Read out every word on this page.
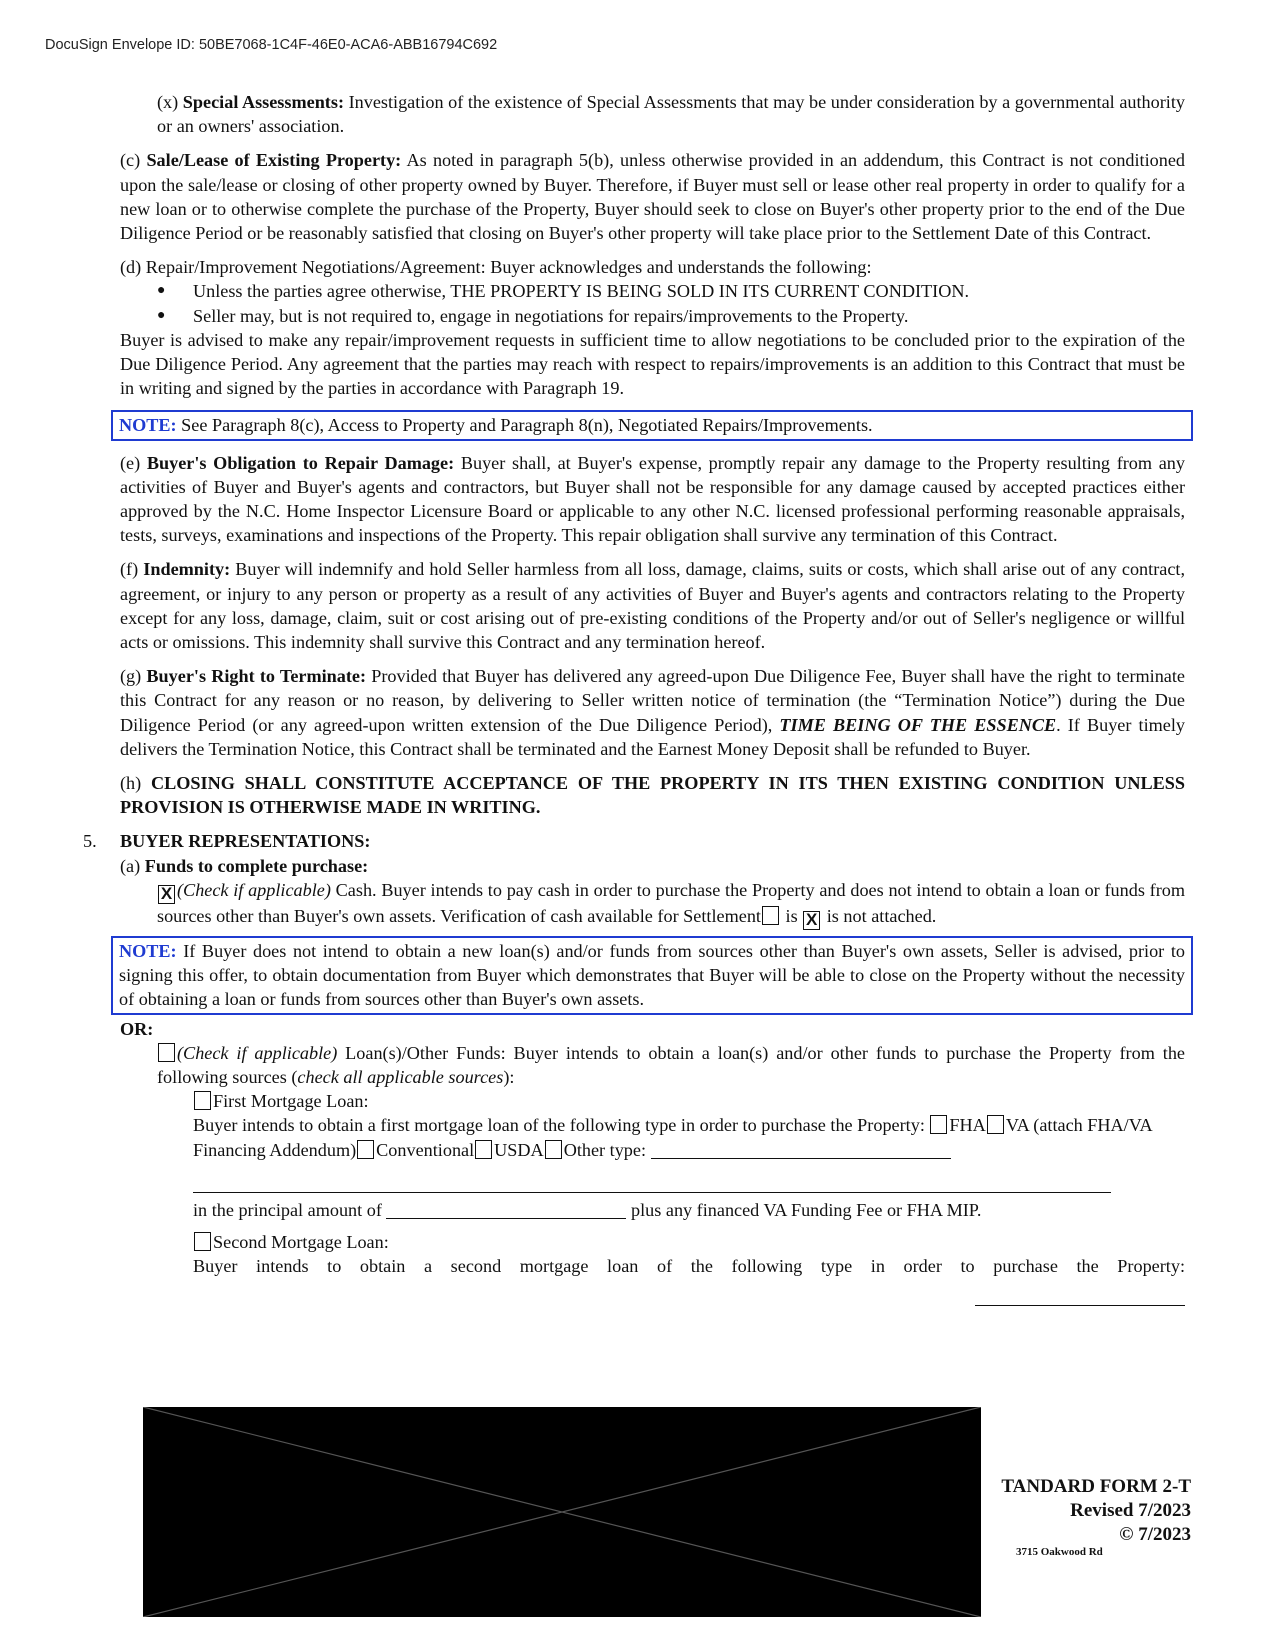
DocuSign Envelope ID: 50BE7068-1C4F-46E0-ACA6-ABB16794C692

(x) Special Assessments: Investigation of the existence of Special Assessments that may be under consideration by a governmental authority or an owners' association.

(c) Sale/Lease of Existing Property: As noted in paragraph 5(b), unless otherwise provided in an addendum, this Contract is not conditioned upon the sale/lease or closing of other property owned by Buyer. Therefore, if Buyer must sell or lease other real property in order to qualify for a new loan or to otherwise complete the purchase of the Property, Buyer should seek to close on Buyer's other property prior to the end of the Due Diligence Period or be reasonably satisfied that closing on Buyer's other property will take place prior to the Settlement Date of this Contract.

(d) Repair/Improvement Negotiations/Agreement: Buyer acknowledges and understands the following:

● Unless the parties agree otherwise, THE PROPERTY IS BEING SOLD IN ITS CURRENT CONDITION.
● Seller may, but is not required to, engage in negotiations for repairs/improvements to the Property.

Buyer is advised to make any repair/improvement requests in sufficient time to allow negotiations to be concluded prior to the expiration of the Due Diligence Period. Any agreement that the parties may reach with respect to repairs/improvements is an addition to this Contract that must be in writing and signed by the parties in accordance with Paragraph 19.

NOTE: See Paragraph 8(c), Access to Property and Paragraph 8(n), Negotiated Repairs/Improvements.

(e) Buyer's Obligation to Repair Damage: Buyer shall, at Buyer's expense, promptly repair any damage to the Property resulting from any activities of Buyer and Buyer's agents and contractors, but Buyer shall not be responsible for any damage caused by accepted practices either approved by the N.C. Home Inspector Licensure Board or applicable to any other N.C. licensed professional performing reasonable appraisals, tests, surveys, examinations and inspections of the Property. This repair obligation shall survive any termination of this Contract.

(f) Indemnity: Buyer will indemnify and hold Seller harmless from all loss, damage, claims, suits or costs, which shall arise out of any contract, agreement, or injury to any person or property as a result of any activities of Buyer and Buyer's agents and contractors relating to the Property except for any loss, damage, claim, suit or cost arising out of pre-existing conditions of the Property and/or out of Seller's negligence or willful acts or omissions. This indemnity shall survive this Contract and any termination hereof.

(g) Buyer's Right to Terminate: Provided that Buyer has delivered any agreed-upon Due Diligence Fee, Buyer shall have the right to terminate this Contract for any reason or no reason, by delivering to Seller written notice of termination (the “Termination Notice”) during the Due Diligence Period (or any agreed-upon written extension of the Due Diligence Period), TIME BEING OF THE ESSENCE. If Buyer timely delivers the Termination Notice, this Contract shall be terminated and the Earnest Money Deposit shall be refunded to Buyer.

(h) CLOSING SHALL CONSTITUTE ACCEPTANCE OF THE PROPERTY IN ITS THEN EXISTING CONDITION UNLESS PROVISION IS OTHERWISE MADE IN WRITING.

5. BUYER REPRESENTATIONS:

(a) Funds to complete purchase:

X (Check if applicable) Cash. Buyer intends to pay cash in order to purchase the Property and does not intend to obtain a loan or funds from sources other than Buyer's own assets. Verification of cash available for Settlement is X is not attached.

NOTE: If Buyer does not intend to obtain a new loan(s) and/or funds from sources other than Buyer's own assets, Seller is advised, prior to signing this offer, to obtain documentation from Buyer which demonstrates that Buyer will be able to close on the Property without the necessity of obtaining a loan or funds from sources other than Buyer's own assets.

OR:

(Check if applicable) Loan(s)/Other Funds: Buyer intends to obtain a loan(s) and/or other funds to purchase the Property from the following sources (check all applicable sources):

First Mortgage Loan:

Buyer intends to obtain a first mortgage loan of the following type in order to purchase the Property: FHA VA (attach FHA/VA Financing Addendum) Conventional USDA Other type:

in the principal amount of	plus any financed VA Funding Fee or FHA MIP.

Second Mortgage Loan:

Buyer intends to obtain a second mortgage loan of the following type in order to purchase the Property:

TANDARD FORM 2-T
Revised 7/2023
© 7/2023
3715 Oakwood Rd
